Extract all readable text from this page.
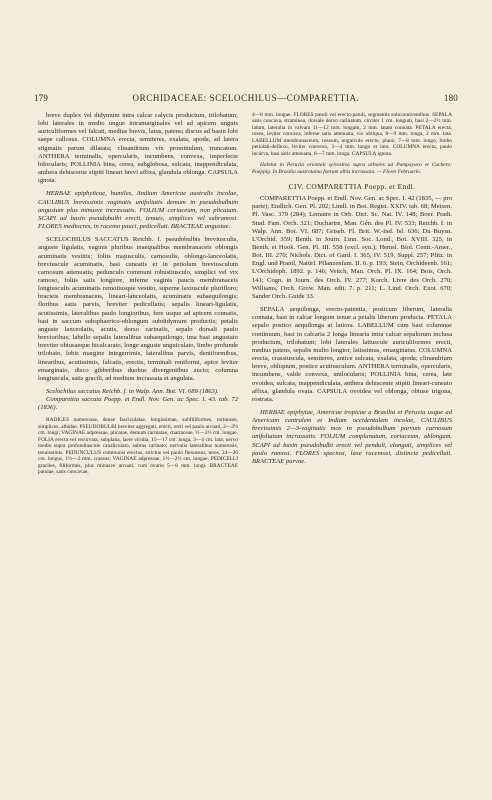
179	ORCHIDACEAE: SCELOCHILUS—COMPARETTIA.	180

breve duplex vel didymum intra calcar calycis productum, trilobatum; lobi laterales in medio unguе intramarginales vel ad apicem unguis auriculiformes vel falcati, medius brevis, latus, patens; discus ad basin lobi saepe callosus. COLUMNA erecta, semiteres, exalata, apoda, ad latera stigmatis parum dilatata; clinandrium vix prominulum, truncatum. ANTHERA terminalis, opercularis, incumbens, convexa, imperfecte bilocularis; POLLINIA bina, cerea, subglobosa, sulcata, inappendiculata, anthera dehiscente stipiti lineari brevi affixa, glandula oblonga. CAPSULA ignota.

HERBAE epiphyticae, humiles, Andium Americae australis incolae, CAULIBUS brevissimis vaginatis unifoliatis demum in pseudobulbum angustum plus minusve incrassatis. FOLIUM coriaceum, non plicatum. SCAPI ad basin pseudobulbi erecti, tenues, simplices vel subramosi. FLORES mediocres, in racemo pauci, pedicellati. BRACTEAE angustae.

SCELOCHILUS SACCATUS Reichb. f. pseudobulbis breviusculis, anguste ligulatis, vaginis pluribus inaequalibus membranaceis oblongis acuminatis vestitis; foliis majusculis, carnosulis, oblongo-lanceolatis, breviuscule acuminatis, basi cuneatis et in petiolum breviusculum carnosum attenuatis; pedunculo communi robustiusculo, simplici vel vix ramoso, foliis satis longiore, inferne vaginis paucis membranaceis longiusculis acuminatis remotiusque vestito, superne laxiuscule pluriflоro; bracteis membranaceis, lineari-lanceolatis, acuminatis subaequilongis; floribus satis parvis, breviter pedicellatis; sepalis lineari-ligulatis, acutissimis, lateralibus paulo longioribus, fere usque ad apicem connatis, basi in saccum subsphaerico-oblongum subdidymum productis; petalis anguste lanceolatis, acutis, dorso carinatis, sepalo dorsali paulo brevioribus; labello sepalis lateralibus subaequilongo, ima basi angustato breviter obtusaeque bicalcarato, longe anguste unguiculato, limbo profunde trilobato, lobis margine integerrimis, lateralibus parvis, dentiformibus, linearibus, acutissimis, falcatis, erectis, terminali reniformi, apice leviter emarginato, disco gibberibus duobus divergentibus aucto; columna longiuscula, satis gracili, ad medium incrassata et angulata.

Scelochilus saccatus Reichb. f. in Walp. Ann. Bot. VI. 689 (1863).

Comparettia saccata Poepp. et Endl. Nov. Gen. ac Spec. I. 43. tab. 72 (1836).

RADICES numerosae, dense fasciculatae, longissimae, subfiliformes, tortuosae, simplices, albidae. PSEUDOBULBI breviter aggregati, erecti, recti vel paulo arcuati, 2—2½ cm. longi; VAGINAE adpressae, plicatae, demum carinatae, chartaceae, ½—2½ cm. longae. FOLIA erecta vel recurvata, subplana, laete viridia, 15—17 cm. longa, 3—4 cm. lata; nervo medio supra profundiuscule canaliculato, subtus carinato; nervulis lateralibus numerosis, tenuissimis. PEDUNCULUS communis erectus, strictus vel paulo flexuosus, teres, 24—26 cm. longus, 1½—2 mm. crassus; VAGINAE adpressae, 1½—2½ cm. longae. PEDICELLI graciles, filiformes, plus minusve arcuati, cum ovario 5—8 mm. longi. BRACTEAE patulae, satis concavae,

4—8 mm. longae. FLORES patuli vel erecto-patuli, segmentis subconniventibus. SEPALA satis concava, straminea, dorsale dorso carinatum, circiter 1 cm. longum, basi 2—2½ mm. latum, lateralia in valvam 11—12 mm. longam, 2 mm. latam connata. PETALA erecta, rosea, leviter concava, inferne satis attenuata, vix obliqua, 8—9 mm. longa, 2 mm. lata. LABELLUM membranaceum, roseum, unguiculo erecto, plano, 7—8 mm. longo, limbo petiolati-deflexo, leviter convexo, 3—4 mm. longo et lato. COLUMNA erecta, paulo incurva, basi satis attenuata, 6—7 mm. longa. CAPSULA ignota.

Habitat in Peruvia orientali sylvestiva supra arbores ad Pampayaco et Cuchero: Poeppig. In Brasilia austrotaina foerum albis incrussata. — Floret Februario.

CIV. COMPARETTIA Poepp. et Endl.

COMPARETTIA Poepp. et Endl. Nov. Gen. ac Spec. I. 42 (1835, — pro parte); Endlich. Gen. Pl. 202; Lindl. in Bot. Regist. XXIV. tab. 68; Meisen. Pl. Vasc. 379 (284); Lemaire in Orb. Dict. Sc. Nat. IV. 148; Boer. Pradt. Stud. Fam. Orch. 321; Duchartre, Man. Gén. des Pl. IV. 533; Reichb. f. in Walp. Ann. Bot. VI. 687; Griseb. Fl. Brit. W.-Ind. Isl. 636; Du Buysn. L'Orchid. 359; Benth. in Journ. Linn. Soc. Lond., Bot. XVIII. 325, in Benth. et Hook. Gen. Pl. III. 558 (excl. syn.); Hemsl. Biol. Centr.-Amer., Bot. III. 270; Nichols. Dict. of Gard. I. 365, IV. 519, Suppl. 257; Pfitz. in Engl. und Prantl, Natürl. Pflanzenfam. II. 6. p. 193; Stein, Orchideenb. 161; L'Orchidoph. 1892. p. 146; Veitch, Man. Orch. Pl. IX. 164; Bois, Orch. 141; Cogn. in Journ. des Orch. IV. 277; Korch. Livre des Orch. 270; Williams, Orch. Grow. Man. edit. 7. p. 211; L. Lind. Orch. Exot. 670; Sander Orch. Guide 33.

SEPALA aequilonga, erecto-patentia, posticum liberum, lateralia connata, basi in calcar longum tenue a petalis liberum producta. PETALA sepalo postico aequilonga at latiora. LABELLUM cum basi columnae continuum, basi in calcaria 2 longa linearia intra calcar sepalorum inclusa productum, trilobatum; lobi laterales latiuscule auriculiformes erecti, medius patens, sepalis multo longior, latissimus, emarginatus. COLUMNA erecta, crassiuscula, semiteres, antice sulcata, exalata, apoda; clinandrium breve, obliquum, postice acutiusculum. ANTHERA terminalis, opercularis, incumbens, valde convexa, unilocularis; POLLINIA bina, cerea, late ovoidea, sulcata, inappendiculata, anthera dehiscente stipiti lineari-cuneato affixa, glandula ovata. CAPSULA ovoidea vel oblonga, obtuse trigona, rostrata.

HERBAE epiphytae, Americae tropicae a Brasilia et Peruvia usque ad Americam centralem et Indiam occidentalem incolae, CAULIBUS brevissimis 2—3-vaginatis mox in pseudobulbum parvum carnosum unifoliatum incrassatis. FOLIUM complanatum, coriaceum, oblongum. SCAPI ad basin pseudobulbi erecti vel penduli, elongati, simplices vel paulo ramosi. FLORES speciosi, laxe racemosi, distincte pedicellati. BRACTEAE parvae.
